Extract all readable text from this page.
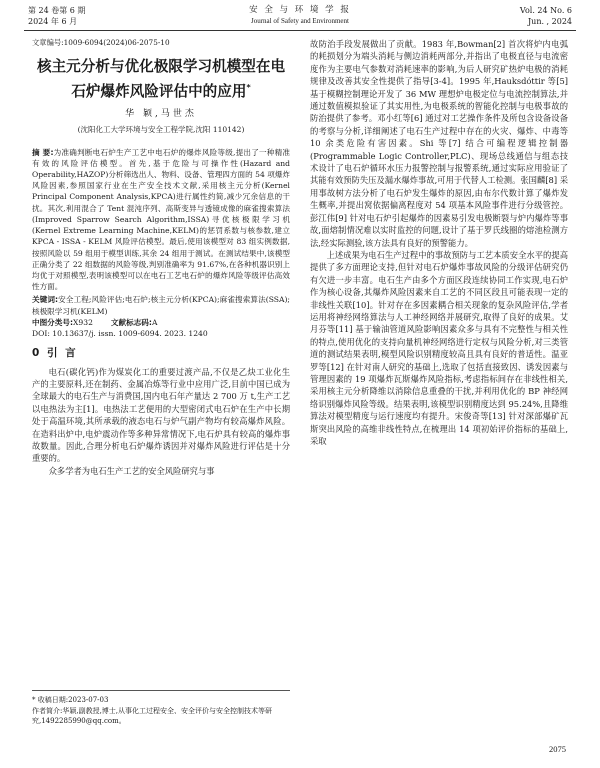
第 24 卷第 6 期
2024 年 6 月
安 全 与 环 境 学 报
Journal of Safety and Environment
Vol. 24 No. 6
Jun. , 2024
文章编号:1009-6094(2024)06-2075-10
核主元分析与优化极限学习机模型在电石炉爆炸风险评估中的应用*
华 颖,马世杰
(沈阳化工大学环境与安全工程学院,沈阳 110142)
摘 要:为准确判断电石炉生产工艺中电石炉的爆炸风险等级,提出了一种精准有效的风险评估模型。首先,基于危险与可操作性(Hazard and Operability,HAZOP)分析筛选出人、物料、设备、管理四方面的 54 项爆炸风险因素,参照国家行业在生产安全技术文献,采用核主元分析(Kernel Principal Component Analysis,KPCA)进行属性约简,减少冗余信息的干扰。其次,利用混合了 Tent 混沌序列、高斯变异与透镜成像的麻雀搜索算法(Improved Sparrow Search Algorithm,ISSA)寻优核极限学习机(Kernel Extreme Learning Machine,KELM)的惩罚系数与核参数,建立 KPCA - ISSA - KELM 风险评估模型。最后,使用该模型对 83 组实例数据,按照风险以 59 组用于模型训练,其余 24 组用于测试。在测试结果中,该模型正确分类了 22 组数据的风险等级,判别准确率为 91.67%,在各种机器识别上均优于对照模型,表明该模型可以在电石工艺电石炉的爆炸风险等级评估高效性方面。
关键词:安全工程;风险评估;电石炉;核主元分析(KPCA);麻雀搜索算法(SSA);核极限学习机(KELM)
中图分类号:X932 文献标志码:A
DOI: 10.13637/j. issn. 1009-6094. 2023. 1240
0 引 言

电石(碳化钙)作为煤炭化工的重要过渡产品,不仅是乙炔工业化生产的主要原料,还在制药、金属冶炼等行业中应用广泛,目前中国已成为全球最大的电石生产与消费国,国内电石年产量达 2 700 万 t,生产工艺以电热法为主[1]。电热法工艺便用的大型密闭式电石炉在生产中长期处于高温环境,其所承载的液态电石与炉气副产物均有较高爆炸风险。在造料出炉中,电炉震动作等多种异常情况下,电石炉具有较高的爆炸事故数量。因此,合理分析电石炉爆炸诱因并对爆炸风险进行评估是十分重要的。

众多学者为电石生产工艺的安全风险研究与事

故防治手段发展做出了贡献。1983 年,Bowman[2] 首次将炉内电弧的耗损划分为端头消耗与侧边消耗两部分,并指出了电极直径与电流密度作为主要电气参数对消耗速率的影响,为后人研究矿热炉电极的消耗规律及改善其安全性提供了指导[3-4]。1995 年,Hauksdóttir 等[5] 基于模糊控制理论开发了 36 MW 理想炉电极定位与电流控制算法,并通过数值模拟验证了其实用性,为电极系统的智能化控制与电极事故的防治提供了参考。邓小红等[6] 通过对工艺操作条件及所包含设备设备的考察与分析,详细阐述了电石生产过程中存在的火灾、爆炸、中毒等 10 余类危险有害因素。Shi 等[7] 结合可编程逻辑控制器(Programmable Logic Controller,PLC)、现场总线通信与组态技术设计了电石炉循环水压力报警控制与报警系统,通过实际应用验证了其能有效预防失压及漏水爆炸事故,可用于代替人工检测。张国麟[8] 采用事故树方法分析了电石炉发生爆炸的原因,由布尔代数计算了爆炸发生概率,并提出窝依据偏离程度对 54 项基本风险事件进行分级管控。彭江伟[9] 针对电石炉引起爆炸的因素易引发电极断裂与炉内爆炸等事故,面熔制情况难以实时监控的问题,设计了基于罗氏线圈的熔池检测方法,经实际测验,该方法具有良好的预警能力。

上述成果为电石生产过程中的事故预防与工艺本质安全水平的提高提供了多方面理论支持,但针对电石炉爆炸事故风险的分级评估研究仍有欠进一步丰富。电石生产由多个方面区段连续协同工作实现,电石炉作为核心设备,其爆炸风险因素来自工艺的不同区段且可能表现一定的非线性关联[10]。针对存在多因素耦合相关现象的复杂风险评估,学者运用将神经网络算法与人工神经网络并展研究,取得了良好的成果。艾月芬等[11] 基于输油管道风险影响因素众多与具有不完整性与相关性的特点,使用优化的支持向量机神经网络进行定权与风险分析,对三类管道的测试结果表明,模型风险识别精度较高且具有良好的普适性。温亚罗等[12] 在针对南人研究的基础上,选取了包括直接致因、诱发因素与管理因素的 19 项爆炸瓦斯爆炸风险指标,考虑指标间存在非线性相关,采用核主元分析降维以消除信息重叠的干扰,并利用优化的 BP 神经网络识别爆炸风险等级。结果表明,该模型识别精度达到 95.24%,且降维算法对模型精度与运行速度均有提升。宋俊奇等[13] 针对深部爆矿瓦斯突出风险的高维非线性特点,在梳理出 14 项初始评价指标的基础上,采取

* 收稿日期:2023-07-03
作者简介:华颖,副教授,博士,从事化工过程安全、安全评价与安全控制技术等研究,1492285990@qq.com。
2075
